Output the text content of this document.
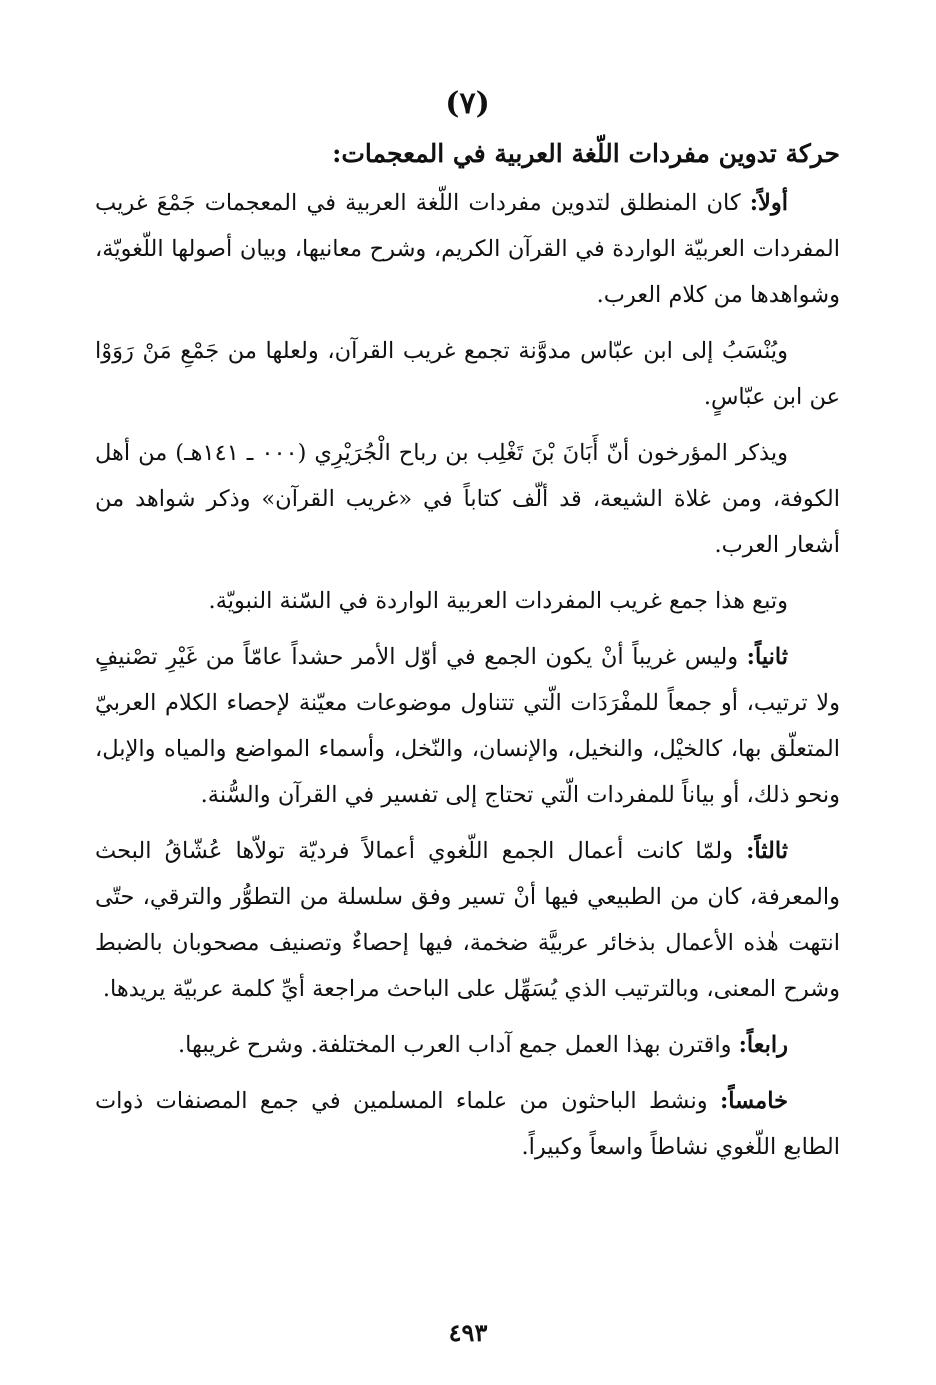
(٧)
حركة تدوين مفردات اللّغة العربية في المعجمات:

أولاً: كان المنطلق لتدوين مفردات اللّغة العربية في المعجمات جَمْعَ غريب المفردات العربيّة الواردة في القرآن الكريم، وشرح معانيها، وبيان أصولها اللّغويّة، وشواهدها من كلام العرب.

ويُنْسَبُ إلى ابن عبّاس مدوَّنة تجمع غريب القرآن، ولعلها من جَمْعِ مَنْ رَوَوْا عن ابن عبّاسٍ.

ويذكر المؤرخون أنّ أَبَانَ بْنَ تَغْلِب بن رباح الْجُرَيْرِي (٠٠٠ ـ ١٤١هـ) من أهل الكوفة، ومن غلاة الشيعة، قد ألّف كتاباً في «غريب القرآن» وذكر شواهد من أشعار العرب.

وتبع هذا جمع غريب المفردات العربية الواردة في السّنة النبويّة.

ثانياً: وليس غريباً أنْ يكون الجمع في أوّل الأمر حشداً عامّاً من غَيْرِ تصْنيفٍ ولا ترتيب، أو جمعاً للمفْرَدَات الّتي تتناول موضوعات معيّنة لإحصاء الكلام العربيّ المتعلّق بها، كالخيْل، والنخيل، والإنسان، والنّخل، وأسماء المواضع والمياه والإبل، ونحو ذلك، أو بياناً للمفردات الّتي تحتاج إلى تفسير في القرآن والسُّنة.

ثالثاً: ولمّا كانت أعمال الجمع اللّغوي أعمالاً فرديّة تولاّها عُشّاقُ البحث والمعرفة، كان من الطبيعي فيها أنْ تسير وفق سلسلة من التطوُّر والترقي، حتّى انتهت هٰذه الأعمال بذخائر عربيَّة ضخمة، فيها إحصاءٌ وتصنيف مصحوبان بالضبط وشرح المعنى، وبالترتيب الذي يُسَهِّل على الباحث مراجعة أيِّ كلمة عربيّة يريدها.

رابعاً: واقترن بهذا العمل جمع آداب العرب المختلفة. وشرح غريبها.

خامساً: ونشط الباحثون من علماء المسلمين في جمع المصنفات ذوات الطابع اللّغوي نشاطاً واسعاً وكبيراً.

٤٩٣
